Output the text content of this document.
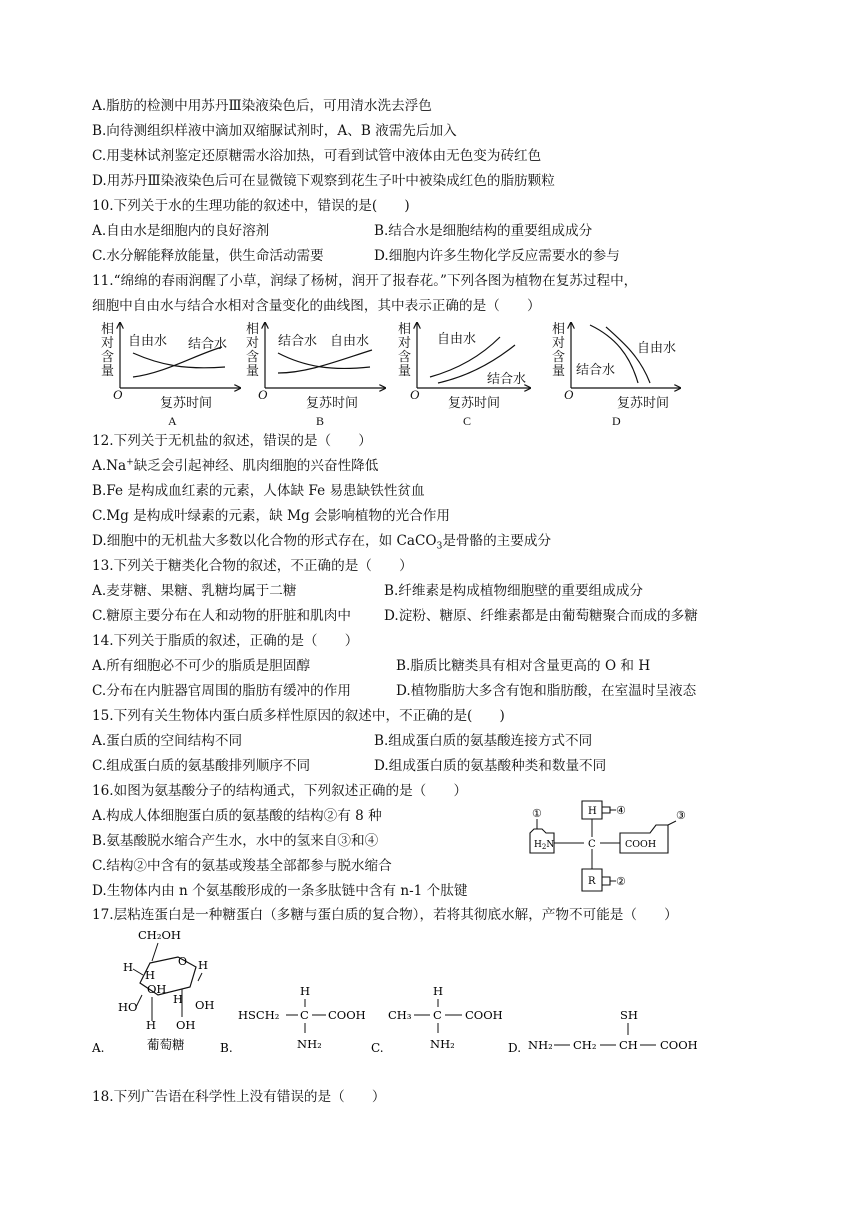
A.脂肪的检测中用苏丹Ⅲ染液染色后，可用清水洗去浮色
B.向待测组织样液中滴加双缩脲试剂时，A、B 液需先后加入
C.用斐林试剂鉴定还原糖需水浴加热，可看到试管中液体由无色变为砖红色
D.用苏丹Ⅲ染液染色后可在显微镜下观察到花生子叶中被染成红色的脂肪颗粒
10.下列关于水的生理功能的叙述中，错误的是(　　)
A.自由水是细胞内的良好溶剂	B.结合水是细胞结构的重要组成成分
C.水分解能释放能量，供生命活动需要	D.细胞内许多生物化学反应需要水的参与
11.“绵绵的春雨润醒了小草，润绿了杨树，润开了报春花。”下列各图为植物在复苏过程中，
细胞中自由水与结合水相对含量变化的曲线图，其中表示正确的是（　　）
相对含量
自由水 结合水
O
复苏时间
A
相对含量
结合水 自由水
O
复苏时间
B
相对含量
自由水
结合水
O
复苏时间
C
相对含量
自由水
结合水
O
复苏时间
D
12.下列关于无机盐的叙述，错误的是（　　）
A.Na+缺乏会引起神经、肌肉细胞的兴奋性降低
B.Fe 是构成血红素的元素，人体缺 Fe 易患缺铁性贫血
C.Mg 是构成叶绿素的元素，缺 Mg 会影响植物的光合作用
D.细胞中的无机盐大多数以化合物的形式存在，如 CaCO$_3$是骨骼的主要成分
13.下列关于糖类化合物的叙述，不正确的是（　　）
A.麦芽糖、果糖、乳糖均属于二糖	B.纤维素是构成植物细胞壁的重要组成成分
C.糖原主要分布在人和动物的肝脏和肌肉中 D.淀粉、糖原、纤维素都是由葡萄糖聚合而成的多糖
14.下列关于脂质的叙述，正确的是（　　）
A.所有细胞必不可少的脂质是胆固醇	B.脂质比糖类具有相对含量更高的 O 和 H
C.分布在内脏器官周围的脂肪有缓冲的作用	D.植物脂肪大多含有饱和脂肪酸，在室温时呈液态
15.下列有关生物体内蛋白质多样性原因的叙述中，不正确的是(　　)
A.蛋白质的空间结构不同	B.组成蛋白质的氨基酸连接方式不同
C.组成蛋白质的氨基酸排列顺序不同	D.组成蛋白质的氨基酸种类和数量不同
16.如图为氨基酸分子的结构通式，下列叙述正确的是（　　）
A.构成人体细胞蛋白质的氨基酸的结构②有 8 种
B.氨基酸脱水缩合产生水，水中的氢来自③和④
C.结构②中含有的氨基或羧基全部都参与脱水缩合
D.生物体内由 n 个氨基酸形成的一条多肽链中含有 n-1 个肽键
H ④
C
①
$H_2N$	COOH
③
R ②
17.层粘连蛋白是一种糖蛋白（多糖与蛋白质的复合物），若将其彻底水解，产物不可能是（　　）
A.
CH₂OH
O
H
H
H
HO
OH
H OH
OH
H
葡萄糖	B.
HSCH₂ C COOH
H
NH₂	C.
CH₃ C COOH
H
NH₂	D. NH₂ CH₂ CH COOH
SH
18.下列广告语在科学性上没有错误的是（　　）
